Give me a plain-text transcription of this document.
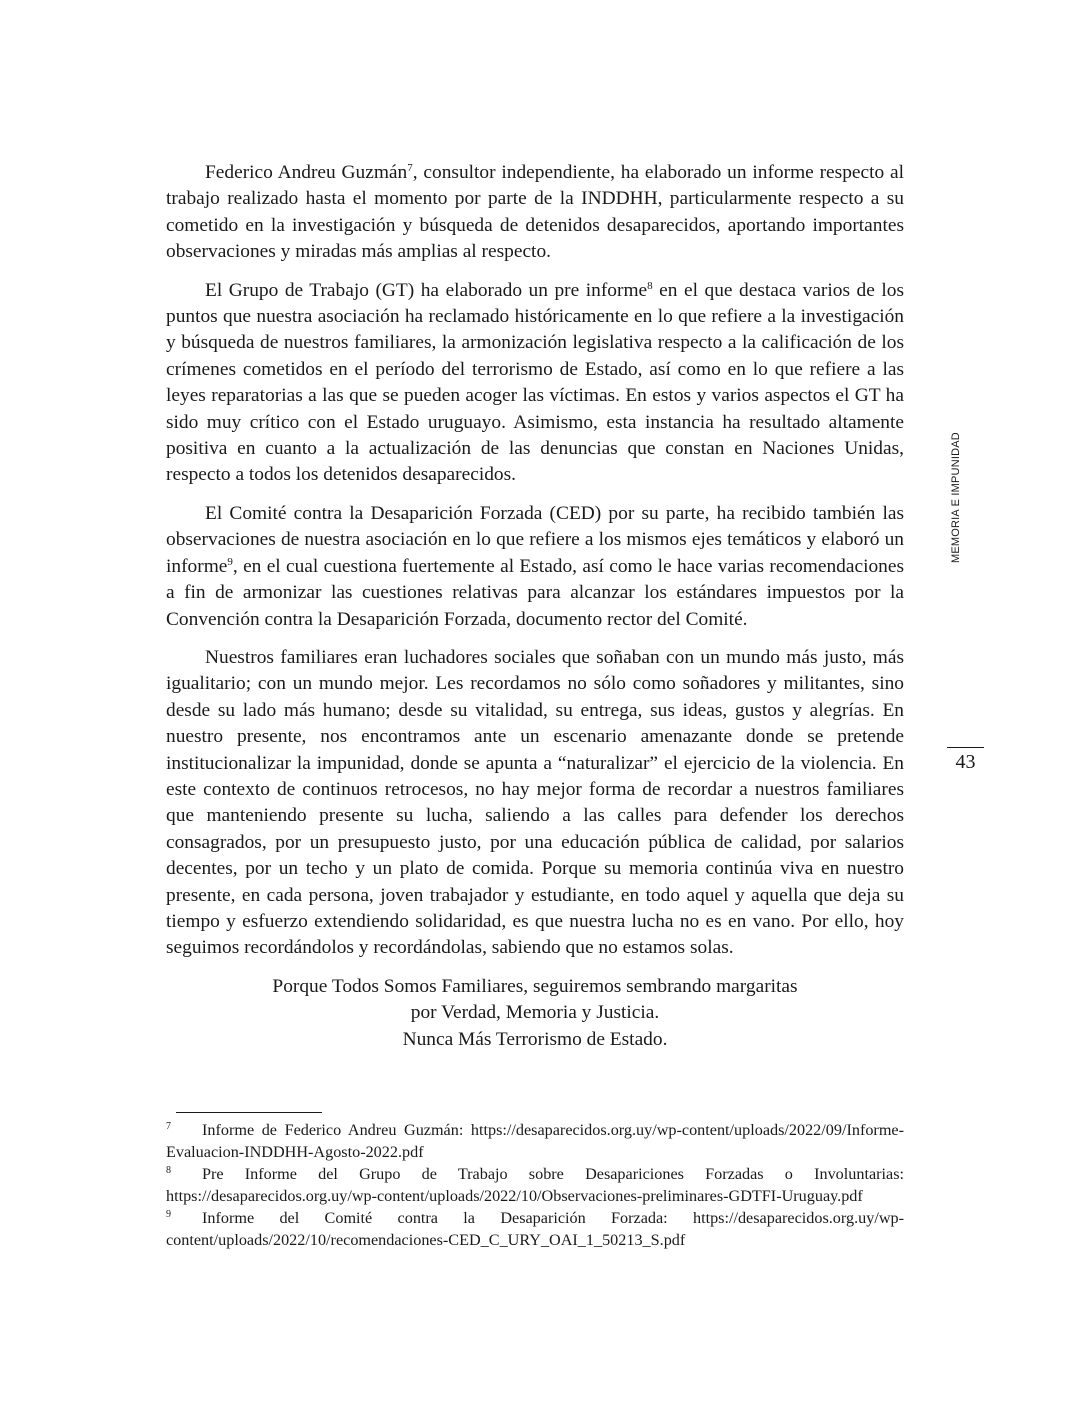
Federico Andreu Guzmán$^7$, consultor independiente, ha elaborado un informe respecto al trabajo realizado hasta el momento por parte de la INDDHH, particularmente respecto a su cometido en la investigación y búsqueda de detenidos desaparecidos, aportando importantes observaciones y miradas más amplias al respecto.

El Grupo de Trabajo (GT) ha elaborado un pre informe$^8$ en el que destaca varios de los puntos que nuestra asociación ha reclamado históricamente en lo que refiere a la investigación y búsqueda de nuestros familiares, la armonización legislativa respecto a la calificación de los crímenes cometidos en el período del terrorismo de Estado, así como en lo que refiere a las leyes reparatorias a las que se pueden acoger las víctimas. En estos y varios aspectos el GT ha sido muy crítico con el Estado uruguayo. Asimismo, esta instancia ha resultado altamente positiva en cuanto a la actualización de las denuncias que constan en Naciones Unidas, respecto a todos los detenidos desaparecidos.

El Comité contra la Desaparición Forzada (CED) por su parte, ha recibido también las observaciones de nuestra asociación en lo que refiere a los mismos ejes temáticos y elaboró un informe$^9$, en el cual cuestiona fuertemente al Estado, así como le hace varias recomendaciones a fin de armonizar las cuestiones relativas para alcanzar los estándares impuestos por la Convención contra la Desaparición Forzada, documento rector del Comité.

Nuestros familiares eran luchadores sociales que soñaban con un mundo más justo, más igualitario; con un mundo mejor. Les recordamos no sólo como soñadores y militantes, sino desde su lado más humano; desde su vitalidad, su entrega, sus ideas, gustos y alegrías. En nuestro presente, nos encontramos ante un escenario amenazante donde se pretende institucionalizar la impunidad, donde se apunta a “naturalizar” el ejercicio de la violencia. En este contexto de continuos retrocesos, no hay mejor forma de recordar a nuestros familiares que manteniendo presente su lucha, saliendo a las calles para defender los derechos consagrados, por un presupuesto justo, por una educación pública de calidad, por salarios decentes, por un techo y un plato de comida. Porque su memoria continúa viva en nuestro presente, en cada persona, joven trabajador y estudiante, en todo aquel y aquella que deja su tiempo y esfuerzo extendiendo solidaridad, es que nuestra lucha no es en vano. Por ello, hoy seguimos recordándolos y recordándolas, sabiendo que no estamos solas.

Porque Todos Somos Familiares, seguiremos sembrando margaritas
por Verdad, Memoria y Justicia.
Nunca Más Terrorismo de Estado.

7 Informe de Federico Andreu Guzmán: https://desaparecidos.org.uy/wp-content/uploads/2022/09/Informe-Evaluacion-INDDHH-Agosto-2022.pdf

8 Pre Informe del Grupo de Trabajo sobre Desapariciones Forzadas o Involuntarias: https://desaparecidos.org.uy/wp-content/uploads/2022/10/Observaciones-preliminares-GDTFI-Uruguay.pdf

9 Informe del Comité contra la Desaparición Forzada: https://desaparecidos.org.uy/wp-content/uploads/2022/10/recomendaciones-CED_C_URY_OAI_1_50213_S.pdf

MEMORIA E IMPUNIDAD
43
